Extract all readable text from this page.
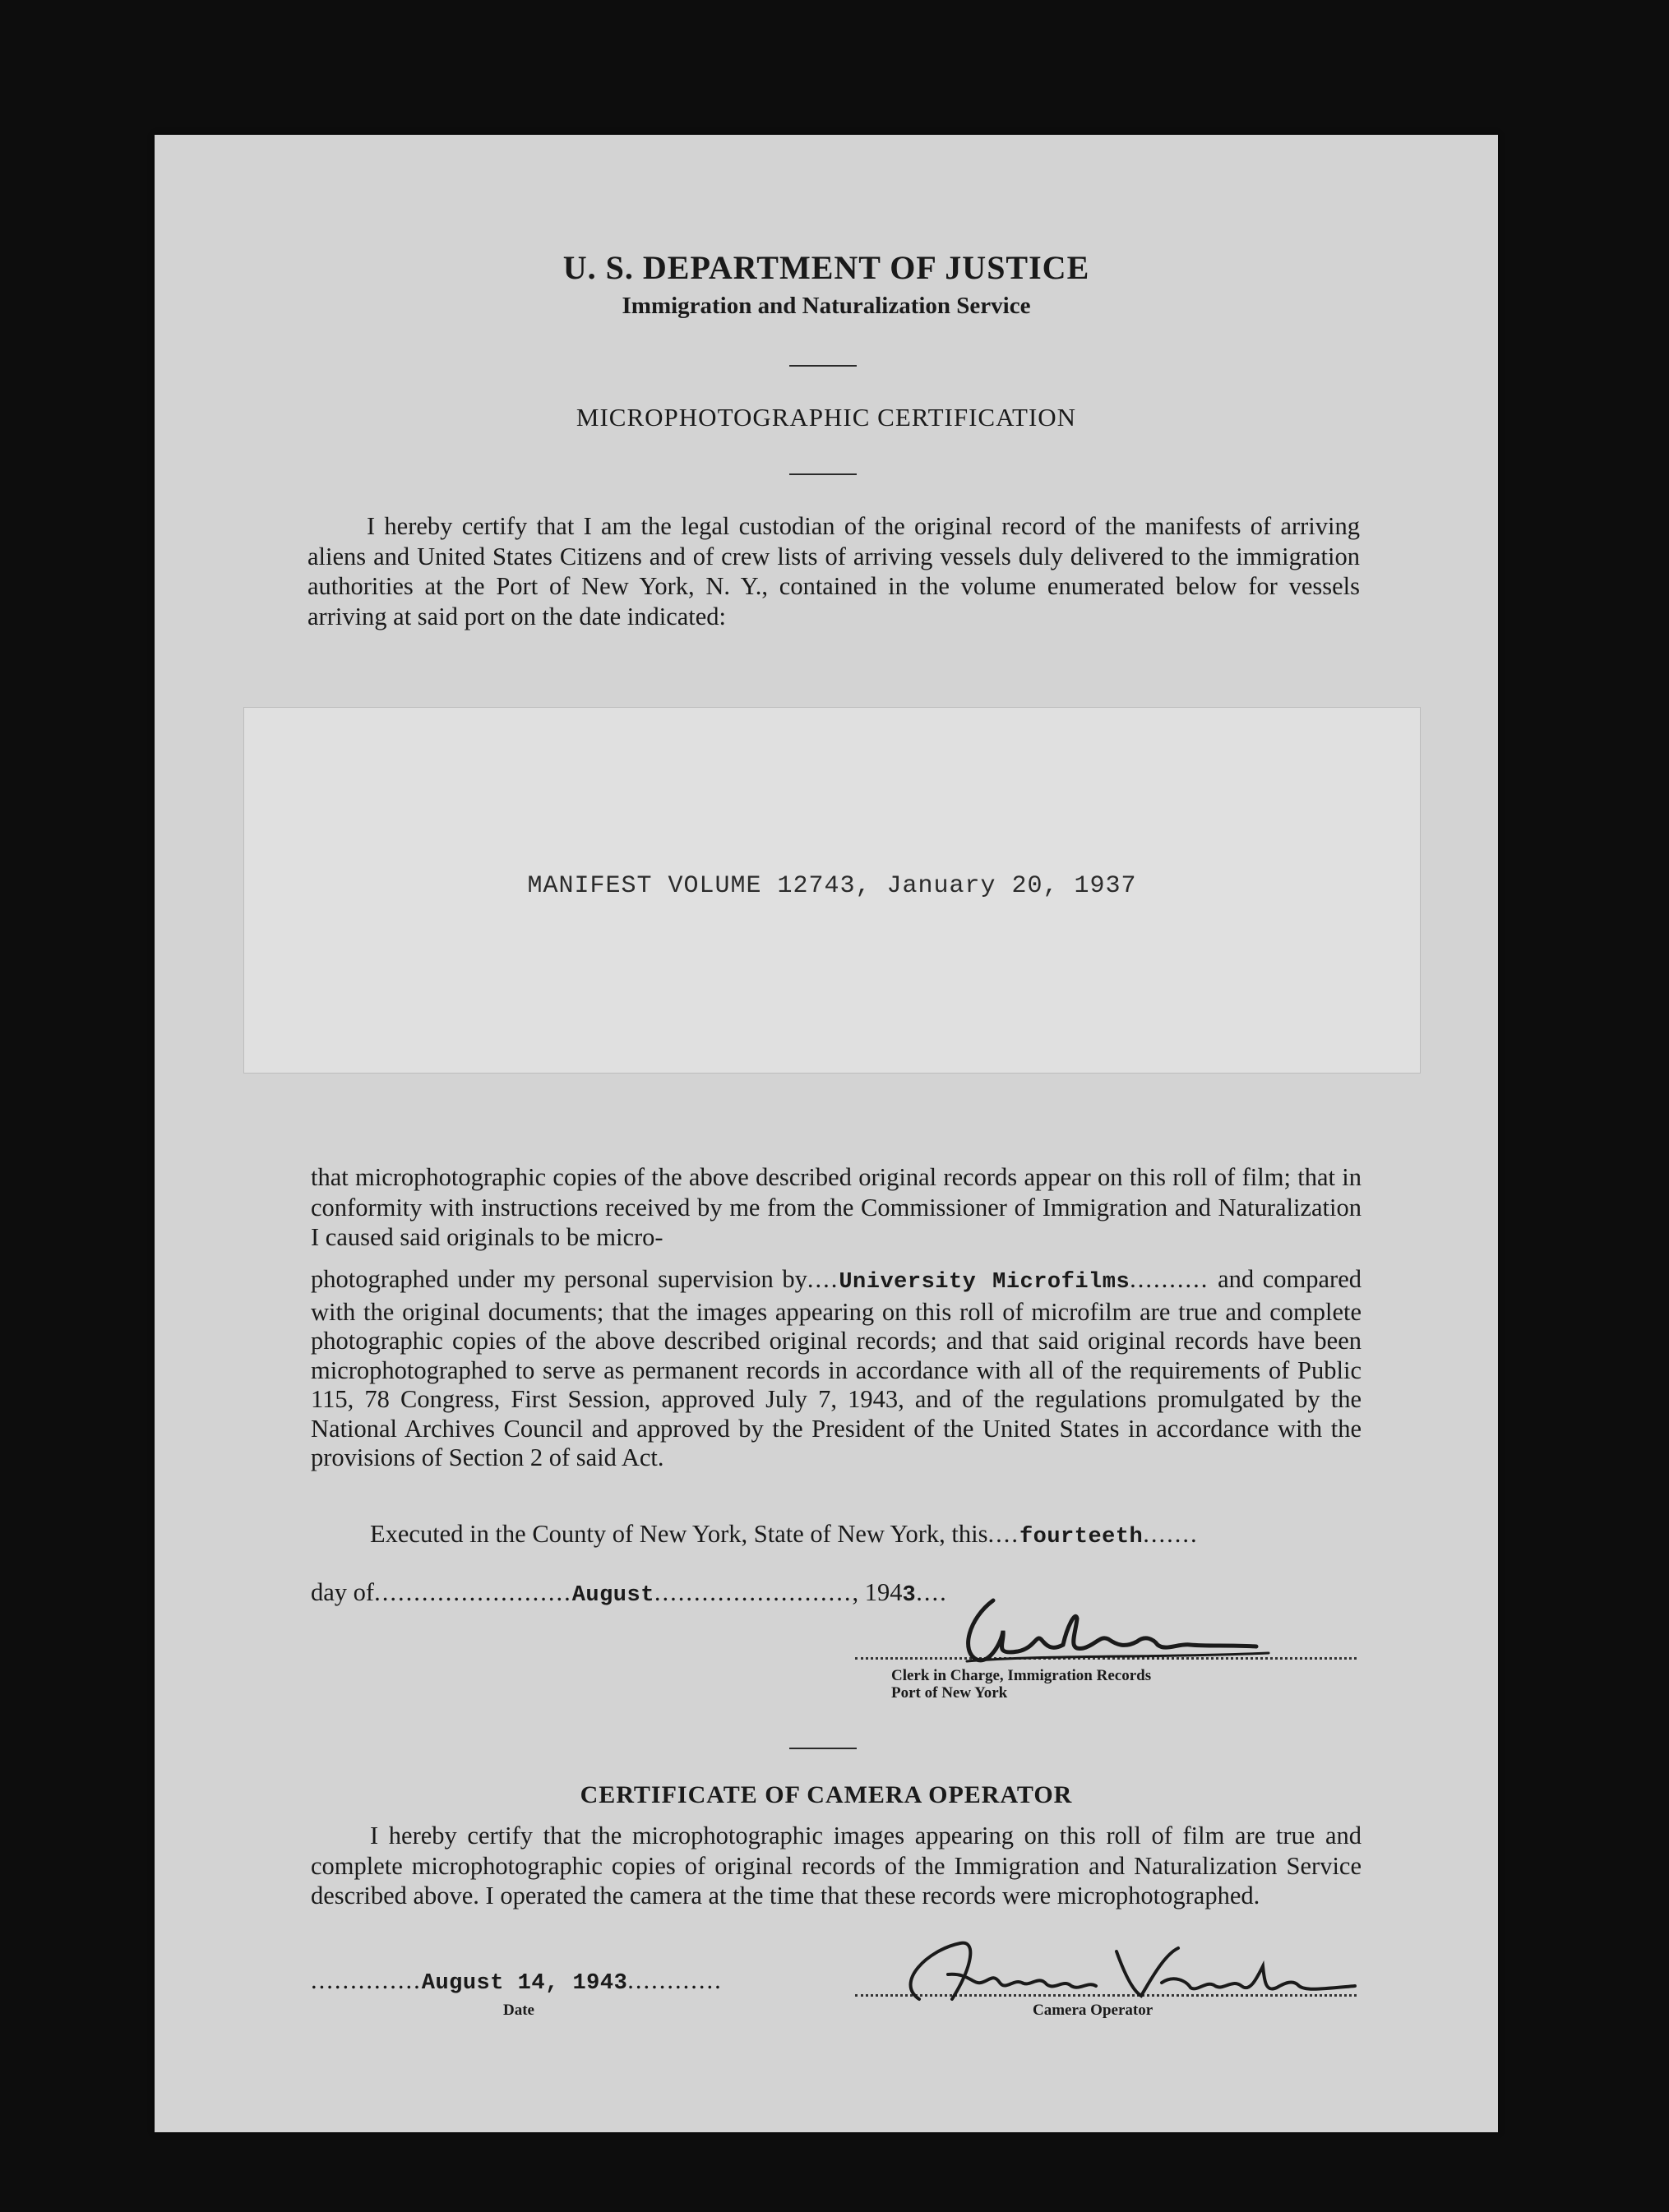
U. S. DEPARTMENT OF JUSTICE
Immigration and Naturalization Service
MICROPHOTOGRAPHIC CERTIFICATION
I hereby certify that I am the legal custodian of the original record of the manifests of arriving aliens and United States Citizens and of crew lists of arriving vessels duly delivered to the immigration authorities at the Port of New York, N. Y., contained in the volume enumerated below for vessels arriving at said port on the date indicated:
MANIFEST VOLUME 12743, January 20, 1937
that microphotographic copies of the above described original records appear on this roll of film; that in conformity with instructions received by me from the Commissioner of Immigration and Naturalization I caused said originals to be micro-
photographed under my personal supervision by....University Microfilms.......... and compared with the original documents; that the images appearing on this roll of microfilm are true and complete photographic copies of the above described original records; and that said original records have been microphotographed to serve as permanent records in accordance with all of the requirements of Public 115, 78 Congress, First Session, approved July 7, 1943, and of the regulations promulgated by the National Archives Council and approved by the President of the United States in accordance with the provisions of Section 2 of said Act.
Executed in the County of New York, State of New York, this....fourteeth.......
day of.........................August........................., 1943....
Clerk in Charge, Immigration Records
Port of New York
CERTIFICATE OF CAMERA OPERATOR
I hereby certify that the microphotographic images appearing on this roll of film are true and complete microphotographic copies of original records of the Immigration and Naturalization Service described above. I operated the camera at the time that these records were microphotographed.
..............August 14, 1943............
Date	Camera Operator
